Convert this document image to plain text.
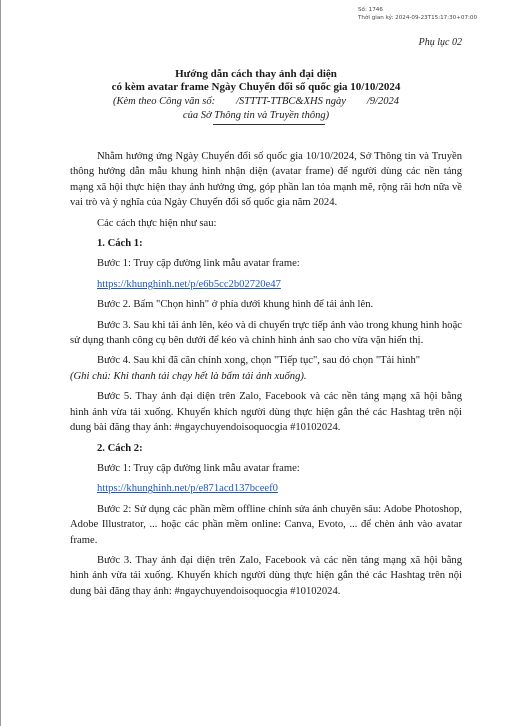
Số: 1746
Thời gian ký: 2024-09-23T15:17:30+07:00
Phụ lục 02
Hướng dẫn cách thay ảnh đại diện
có kèm avatar frame Ngày Chuyển đổi số quốc gia 10/10/2024
(Kèm theo Công văn số:        /STTTT-TTBC&XHS ngày        /9/2024
của Sở Thông tin và Truyền thông)

Nhằm hưởng ứng Ngày Chuyển đổi số quốc gia 10/10/2024, Sở Thông tin và Truyền thông hướng dẫn mẫu khung hình nhận diện (avatar frame) để người dùng các nền tảng mạng xã hội thực hiện thay ảnh hưởng ứng, góp phần lan tỏa mạnh mẽ, rộng rãi hơn nữa về vai trò và ý nghĩa của Ngày Chuyển đổi số quốc gia năm 2024.

Các cách thực hiện như sau:

1. Cách 1:

Bước 1: Truy cập đường link mẫu avatar frame:

https://khunghinh.net/p/e6b5cc2b02720e47

Bước 2. Bấm "Chọn hình" ở phía dưới khung hình để tải ảnh lên.

Bước 3. Sau khi tải ảnh lên, kéo và di chuyển trực tiếp ảnh vào trong khung hình hoặc sử dụng thanh công cụ bên dưới để kéo và chỉnh hình ảnh sao cho vừa vặn hiển thị.

Bước 4. Sau khi đã căn chỉnh xong, chọn "Tiếp tục", sau đó chọn "Tải hình"
(Ghi chú: Khi thanh tải chạy hết là bấm tải ảnh xuống).

Bước 5. Thay ảnh đại diện trên Zalo, Facebook và các nền tảng mạng xã hội bằng hình ảnh vừa tải xuống. Khuyến khích người dùng thực hiện gắn thẻ các Hashtag trên nội dung bài đăng thay ảnh: #ngaychuyendoisoquocgia #10102024.

2. Cách 2:

Bước 1: Truy cập đường link mẫu avatar frame:

https://khunghinh.net/p/e871acd137bceef0

Bước 2: Sử dụng các phần mềm offline chỉnh sửa ảnh chuyên sâu: Adobe Photoshop, Adobe Illustrator, ... hoặc các phần mềm online: Canva, Evoto, ... để chèn ảnh vào avatar frame.

Bước 3. Thay ảnh đại diện trên Zalo, Facebook và các nền tảng mạng xã hội bằng hình ảnh vừa tải xuống. Khuyến khích người dùng thực hiện gắn thẻ các Hashtag trên nội dung bài đăng thay ảnh: #ngaychuyendoisoquocgia #10102024.
